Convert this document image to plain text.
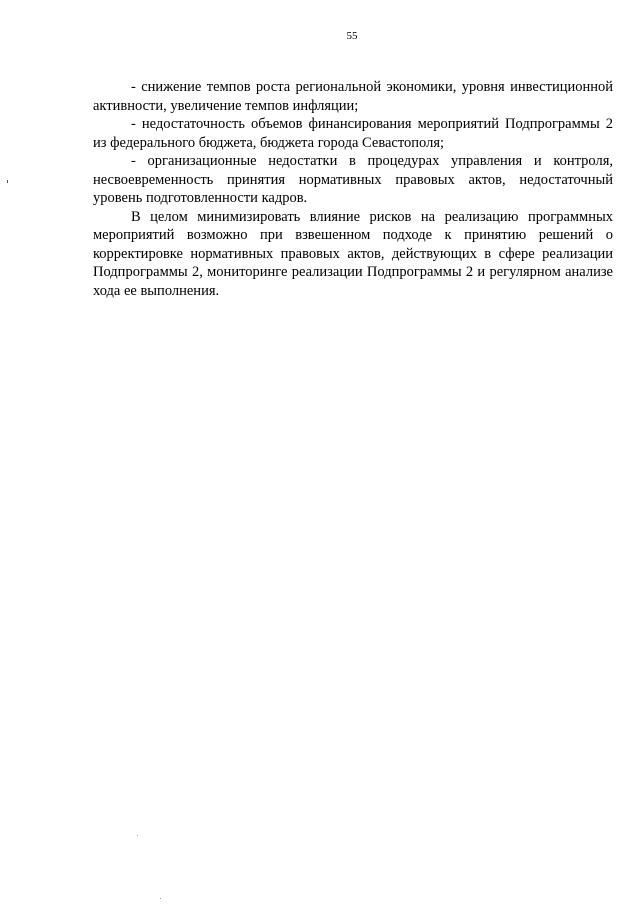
55

- снижение темпов роста региональной экономики, уровня инвестиционной активности, увеличение темпов инфляции;

- недостаточность объемов финансирования мероприятий Подпрограммы 2 из федерального бюджета, бюджета города Севастополя;

- организационные недостатки в процедурах управления и контроля, несвоевременность принятия нормативных правовых актов, недостаточный уровень подготовленности кадров.

В целом минимизировать влияние рисков на реализацию программных мероприятий возможно при взвешенном подходе к принятию решений о корректировке нормативных правовых актов, действующих в сфере реализации Подпрограммы 2, мониторинге реализации Подпрограммы 2 и регулярном анализе хода ее выполнения.
